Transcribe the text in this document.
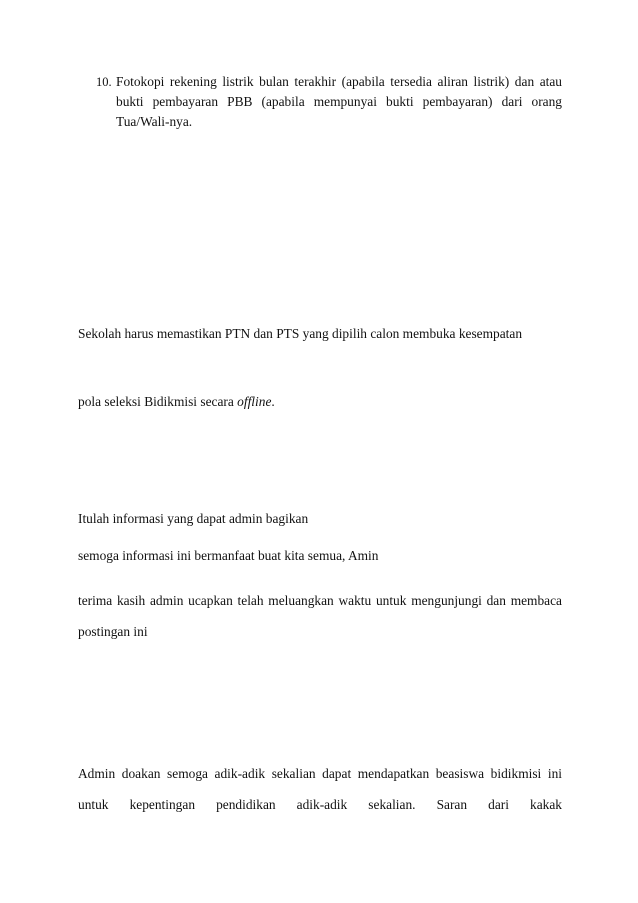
10. Fotokopi rekening listrik bulan terakhir (apabila tersedia aliran listrik) dan atau bukti pembayaran PBB (apabila mempunyai bukti pembayaran) dari orang Tua/Wali-nya.

Sekolah harus memastikan PTN dan PTS yang dipilih calon membuka kesempatan

pola seleksi Bidikmisi secara offline.

Itulah informasi yang dapat admin bagikan

semoga informasi ini bermanfaat buat kita semua, Amin

terima kasih admin ucapkan telah meluangkan waktu untuk mengunjungi dan membaca postingan ini

Admin doakan semoga adik-adik sekalian dapat mendapatkan beasiswa bidikmisi ini untuk kepentingan pendidikan adik-adik sekalian. Saran dari kakak
